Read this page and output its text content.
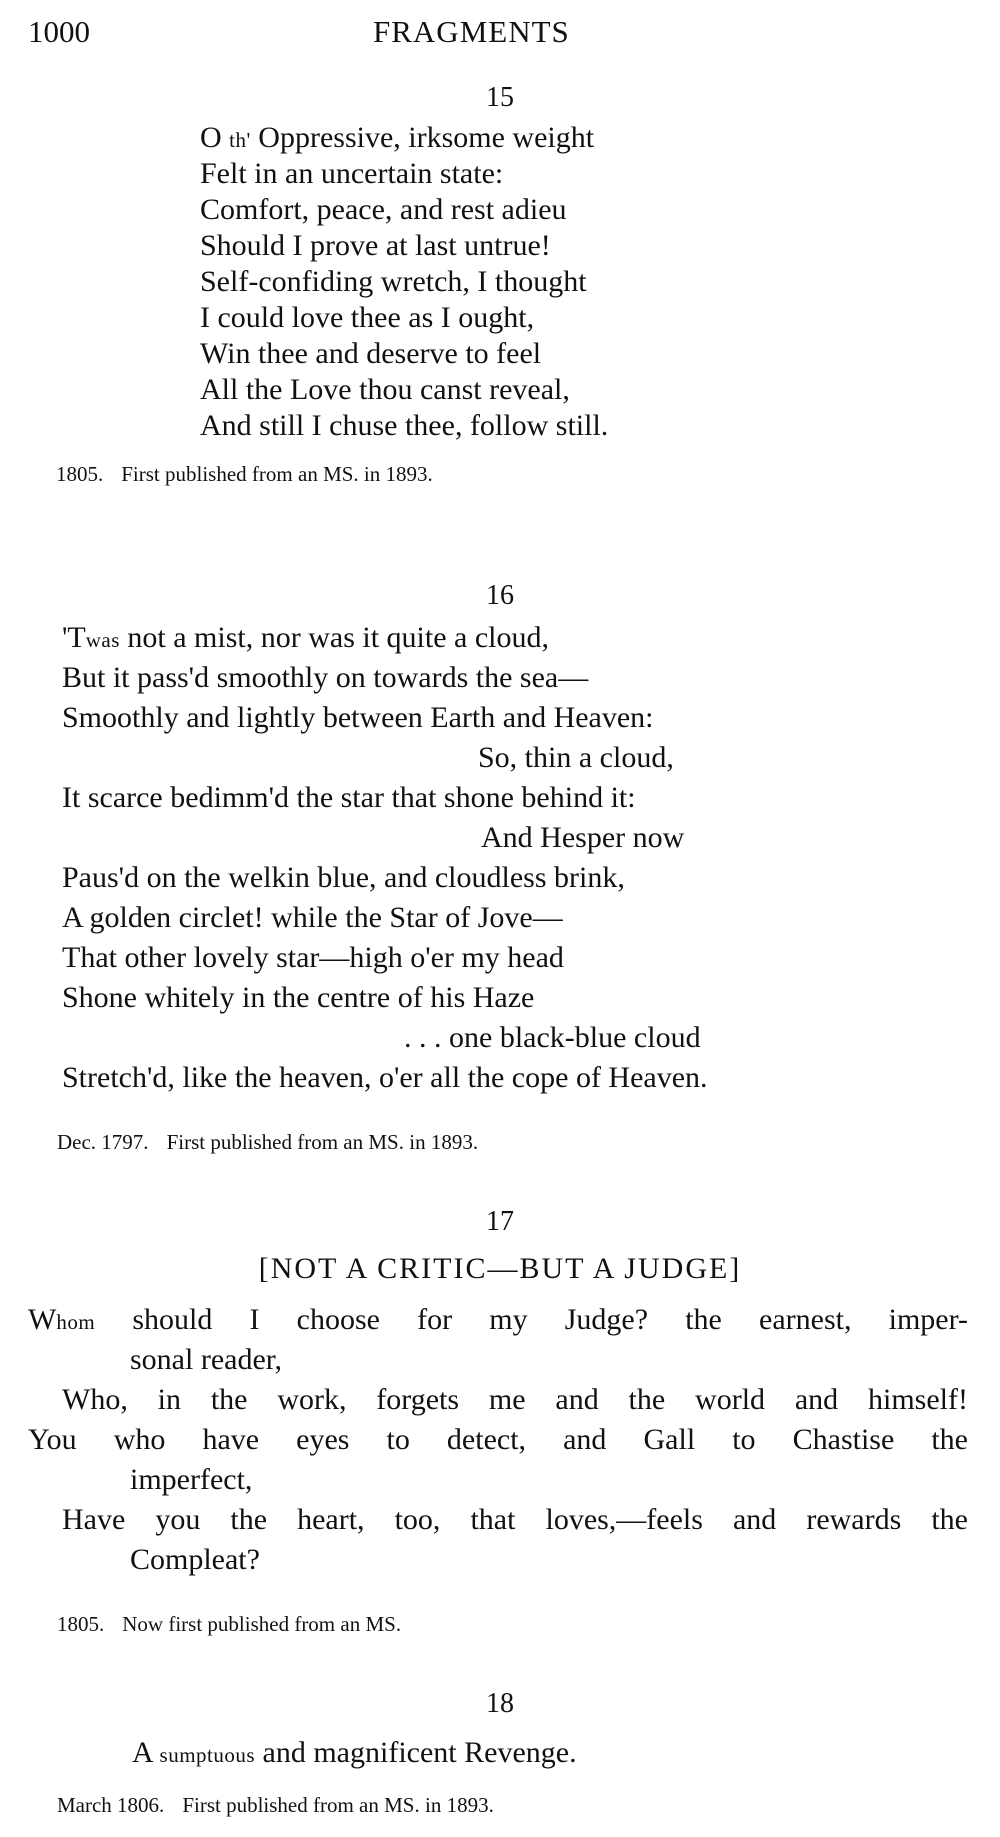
1000	FRAGMENTS
15
O th' Oppressive, irksome weight
Felt in an uncertain state:
Comfort, peace, and rest adieu
Should I prove at last untrue!
Self-confiding wretch, I thought
I could love thee as I ought,
Win thee and deserve to feel
All the Love thou canst reveal,
And still I chuse thee, follow still.
1805. First published from an MS. in 1893.
16
'Twas not a mist, nor was it quite a cloud,
But it pass'd smoothly on towards the sea—
Smoothly and lightly between Earth and Heaven:
So, thin a cloud,
It scarce bedimm'd the star that shone behind it:
And Hesper now
Paus'd on the welkin blue, and cloudless brink,
A golden circlet! while the Star of Jove—
That other lovely star—high o'er my head
Shone whitely in the centre of his Haze
. . . one black-blue cloud
Stretch'd, like the heaven, o'er all the cope of Heaven.
Dec. 1797. First published from an MS. in 1893.
17
[NOT A CRITIC—BUT A JUDGE]
Whom should I choose for my Judge? the earnest, imper-
sonal reader,
Who, in the work, forgets me and the world and himself!
You who have eyes to detect, and Gall to Chastise the
imperfect,
Have you the heart, too, that loves,—feels and rewards the
Compleat?
1805. Now first published from an MS.
18
A sumptuous and magnificent Revenge.
March 1806. First published from an MS. in 1893.
